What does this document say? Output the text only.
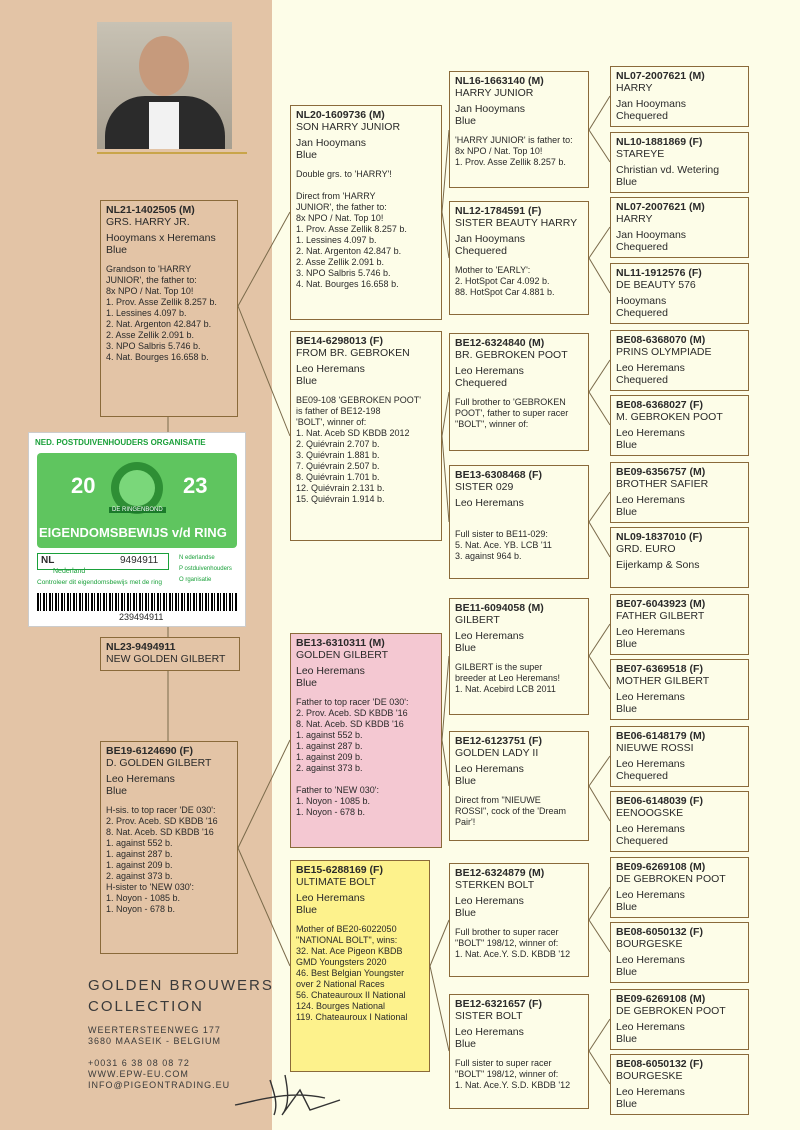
NL21-1402505 (M)
GRS. HARRY JR.
Hooymans x Heremans
Blue
Grandson to 'HARRY
JUNIOR', the father to:
8x NPO / Nat. Top 10!
1. Prov. Asse Zellik 8.257 b.
1. Lessines 4.097 b.
2. Nat. Argenton 42.847 b.
2. Asse Zellik 2.091 b.
3. NPO Salbris 5.746 b.
4. Nat. Bourges 16.658 b.
NED. POSTDUIVENHOUDERS ORGANISATIE
20	23
DE RINGENBOND
EIGENDOMSBEWIJS v/d RING
NL	9494911	N ederlandse
P ostduivenhouders
O rganisatie
Nederland
Controleer dit eigendomsbewijs met de ring
239494911
NL23-9494911
NEW GOLDEN GILBERT
BE19-6124690 (F)
D. GOLDEN GILBERT
Leo Heremans
Blue
H-sis. to top racer 'DE 030':
2. Prov. Aceb. SD KBDB '16
8. Nat. Aceb. SD KBDB '16
1. against 552 b.
1. against 287 b.
1. against 209 b.
2. against 373 b.
H-sister to 'NEW 030':
1. Noyon - 1085 b.
1. Noyon - 678 b.
NL20-1609736 (M)
SON HARRY JUNIOR
Jan Hooymans
Blue
Double grs. to 'HARRY'!

Direct from 'HARRY
JUNIOR', the father to:
8x NPO / Nat. Top 10!
1. Prov. Asse Zellik 8.257 b.
1. Lessines 4.097 b.
2. Nat. Argenton 42.847 b.
2. Asse Zellik 2.091 b.
3. NPO Salbris 5.746 b.
4. Nat. Bourges 16.658 b.
BE14-6298013 (F)
FROM BR. GEBROKEN
Leo Heremans
Blue
BE09-108 'GEBROKEN POOT'
is father of BE12-198
'BOLT', winner of:
1. Nat. Aceb SD KBDB 2012
2. Quiévrain 2.707 b.
3. Quiévrain 1.881 b.
7. Quiévrain 2.507 b.
8. Quiévrain 1.701 b.
12. Quiévrain 2.131 b.
15. Quiévrain 1.914 b.
BE13-6310311 (M)
GOLDEN GILBERT
Leo Heremans
Blue
Father to top racer 'DE 030':
2. Prov. Aceb. SD KBDB '16
8. Nat. Aceb. SD KBDB '16
1. against 552 b.
1. against 287 b.
1. against 209 b.
2. against 373 b.

Father to 'NEW 030':
1. Noyon - 1085 b.
1. Noyon - 678 b.
BE15-6288169 (F)
ULTIMATE BOLT
Leo Heremans
Blue
Mother of BE20-6022050
"NATIONAL BOLT", wins:
32. Nat. Ace Pigeon KBDB
GMD Youngsters 2020
46. Best Belgian Youngster
over 2 National Races
56. Chateauroux II National
124. Bourges National
119. Chateauroux I National
NL16-1663140 (M)
HARRY JUNIOR
Jan Hooymans
Blue
'HARRY JUNIOR' is father to:
8x NPO / Nat. Top 10!
1. Prov. Asse Zellik 8.257 b.
NL12-1784591 (F)
SISTER BEAUTY HARRY
Jan Hooymans
Chequered
Mother to 'EARLY':
2. HotSpot Car 4.092 b.
88. HotSpot Car 4.881 b.
BE12-6324840 (M)
BR. GEBROKEN POOT
Leo Heremans
Chequered
Full brother to 'GEBROKEN
POOT', father to super racer
"BOLT", winner of:
BE13-6308468 (F)
SISTER 029
Leo Heremans
Full sister to BE11-029:
5. Nat. Ace. YB. LCB '11
3. against 964 b.
BE11-6094058 (M)
GILBERT
Leo Heremans
Blue
GILBERT is the super
breeder at Leo Heremans!
1. Nat. Acebird LCB 2011
BE12-6123751 (F)
GOLDEN LADY II
Leo Heremans
Blue
Direct from "NIEUWE
ROSSI", cock of the 'Dream
Pair'!
BE12-6324879 (M)
STERKEN BOLT
Leo Heremans
Blue
Full brother to super racer
"BOLT" 198/12, winner of:
1. Nat. Ace.Y. S.D. KBDB '12
BE12-6321657 (F)
SISTER BOLT
Leo Heremans
Blue
Full sister to super racer
"BOLT" 198/12, winner of:
1. Nat. Ace.Y. S.D. KBDB '12
NL07-2007621 (M)
HARRY
Jan Hooymans
Chequered
NL10-1881869 (F)
STAREYE
Christian vd. Wetering
Blue
NL07-2007621 (M)
HARRY
Jan Hooymans
Chequered
NL11-1912576 (F)
DE BEAUTY 576
Hooymans
Chequered
BE08-6368070 (M)
PRINS OLYMPIADE
Leo Heremans
Chequered
BE08-6368027 (F)
M. GEBROKEN POOT
Leo Heremans
Blue
BE09-6356757 (M)
BROTHER SAFIER
Leo Heremans
Blue
NL09-1837010 (F)
GRD. EURO
Eijerkamp & Sons
BE07-6043923 (M)
FATHER GILBERT
Leo Heremans
Blue
BE07-6369518 (F)
MOTHER GILBERT
Leo Heremans
Blue
BE06-6148179 (M)
NIEUWE ROSSI
Leo Heremans
Chequered
BE06-6148039 (F)
EENOOGSKE
Leo Heremans
Chequered
BE09-6269108 (M)
DE GEBROKEN POOT
Leo Heremans
Blue
BE08-6050132 (F)
BOURGESKE
Leo Heremans
Blue
BE09-6269108 (M)
DE GEBROKEN POOT
Leo Heremans
Blue
BE08-6050132 (F)
BOURGESKE
Leo Heremans
Blue
GOLDEN BROUWERS
COLLECTION
WEERTERSTEENWEG 177
3680 MAASEIK - BELGIUM
+0031 6 38 08 08 72
WWW.EPW-EU.COM
INFO@PIGEONTRADING.EU
